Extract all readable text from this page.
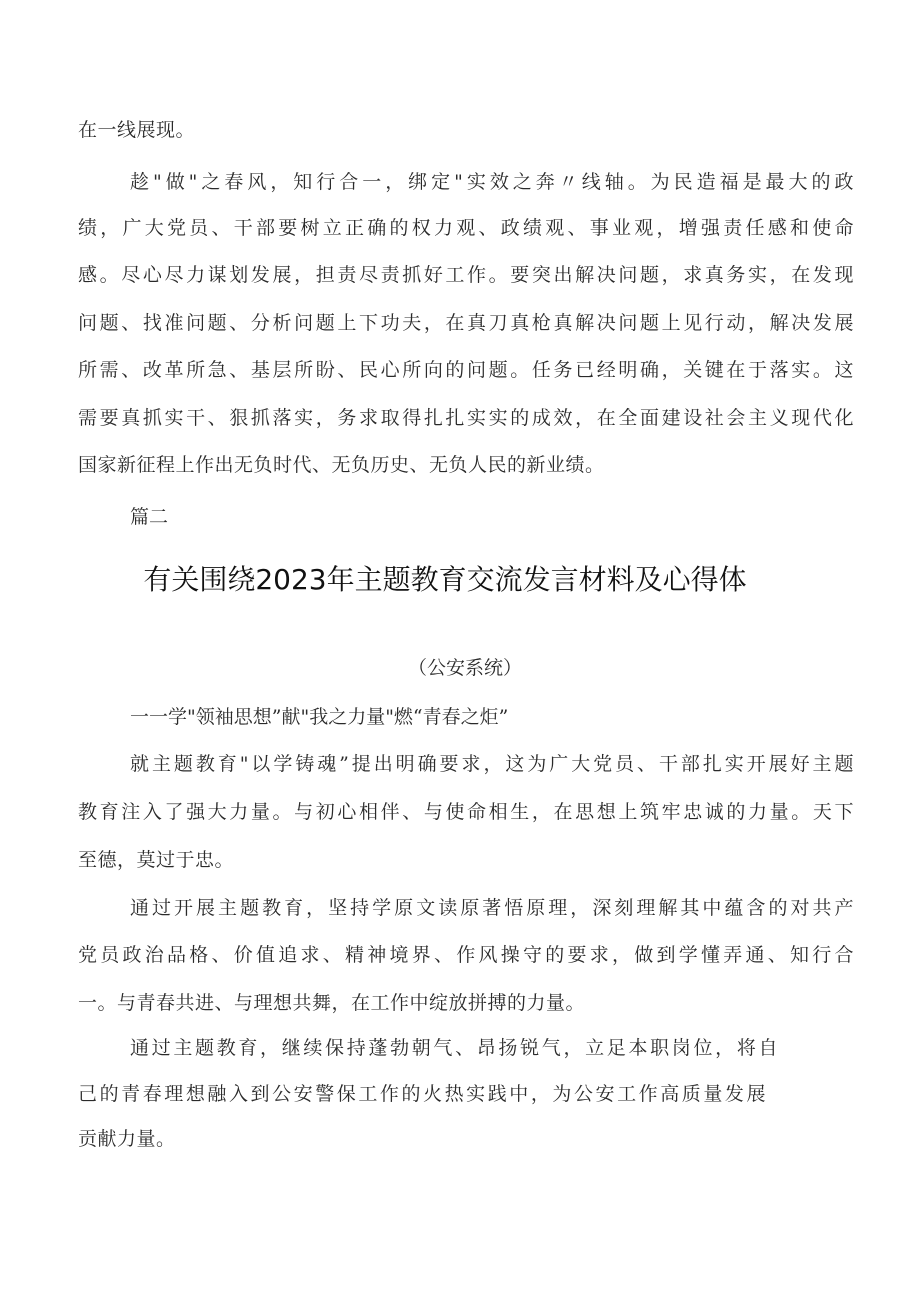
在一线展现。
趁"做"之春风，知行合一，绑定"实效之奔〃线轴。为民造福是最大的政
绩，广大党员、干部要树立正确的权力观、政绩观、事业观，增强责任感和使命
感。尽心尽力谋划发展，担责尽责抓好工作。要突出解决问题，求真务实，在发现
问题、找准问题、分析问题上下功夫，在真刀真枪真解决问题上见行动，解决发展
所需、改革所急、基层所盼、民心所向的问题。任务已经明确，关键在于落实。这
需要真抓实干、狠抓落实，务求取得扎扎实实的成效，在全面建设社会主义现代化
国家新征程上作出无负时代、无负历史、无负人民的新业绩。
篇二
有关围绕2023年主题教育交流发言材料及心得体
（公安系统）
一一学"领袖思想”献"我之力量"燃“青春之炬”
就主题教育"以学铸魂”提出明确要求，这为广大党员、干部扎实开展好主题
教育注入了强大力量。与初心相伴、与使命相生，在思想上筑牢忠诚的力量。天下
至德，莫过于忠。
通过开展主题教育，坚持学原文读原著悟原理，深刻理解其中蕴含的对共产
党员政治品格、价值追求、精神境界、作风操守的要求，做到学懂弄通、知行合
一。与青春共进、与理想共舞，在工作中绽放拼搏的力量。
通过主题教育，继续保持蓬勃朝气、昂扬锐气，立足本职岗位，将自
己的青春理想融入到公安警保工作的火热实践中，为公安工作高质量发展
贡献力量。
